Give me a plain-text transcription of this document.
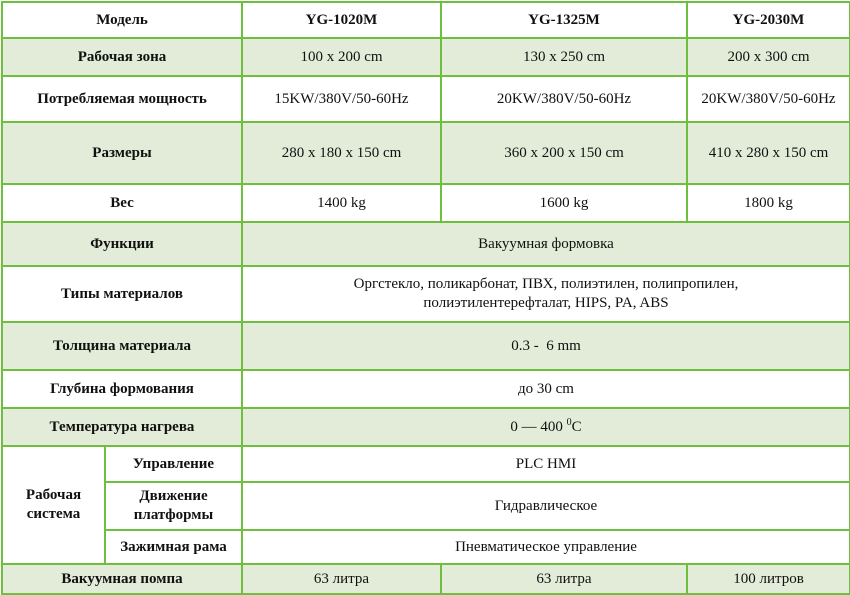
Модель		YG-1020M	YG-1325M	YG-2030M
Рабочая зона		100 x 200 cm	130 x 250 cm	200 x 300 cm
Потребляемая мощность		15KW/380V/50-60Hz	20KW/380V/50-60Hz	20KW/380V/50-60Hz
Размеры		280 x 180 x 150 cm	360 x 200 x 150 cm	410 x 280 x 150 cm
Вес		1400 kg	1600 kg	1800 kg
Функции		Вакуумная формовка		
Типы материалов		Оргстекло, поликарбонат, ПВХ, полиэтилен, полипропилен,
полиэтилентерефталат, HIPS, PA, ABS		
Толщина материала		0.3 -  6 mm		
Глубина формования		до 30 cm		
Температура нагрева		0 — 400 $^0$C		
Рабочая
система	Управление	PLC HMI		
	Движение
платформы	Гидравлическое		
	Зажимная рама	Пневматическое управление		
Вакуумная помпа		63 литра	63 литра	100 литров
